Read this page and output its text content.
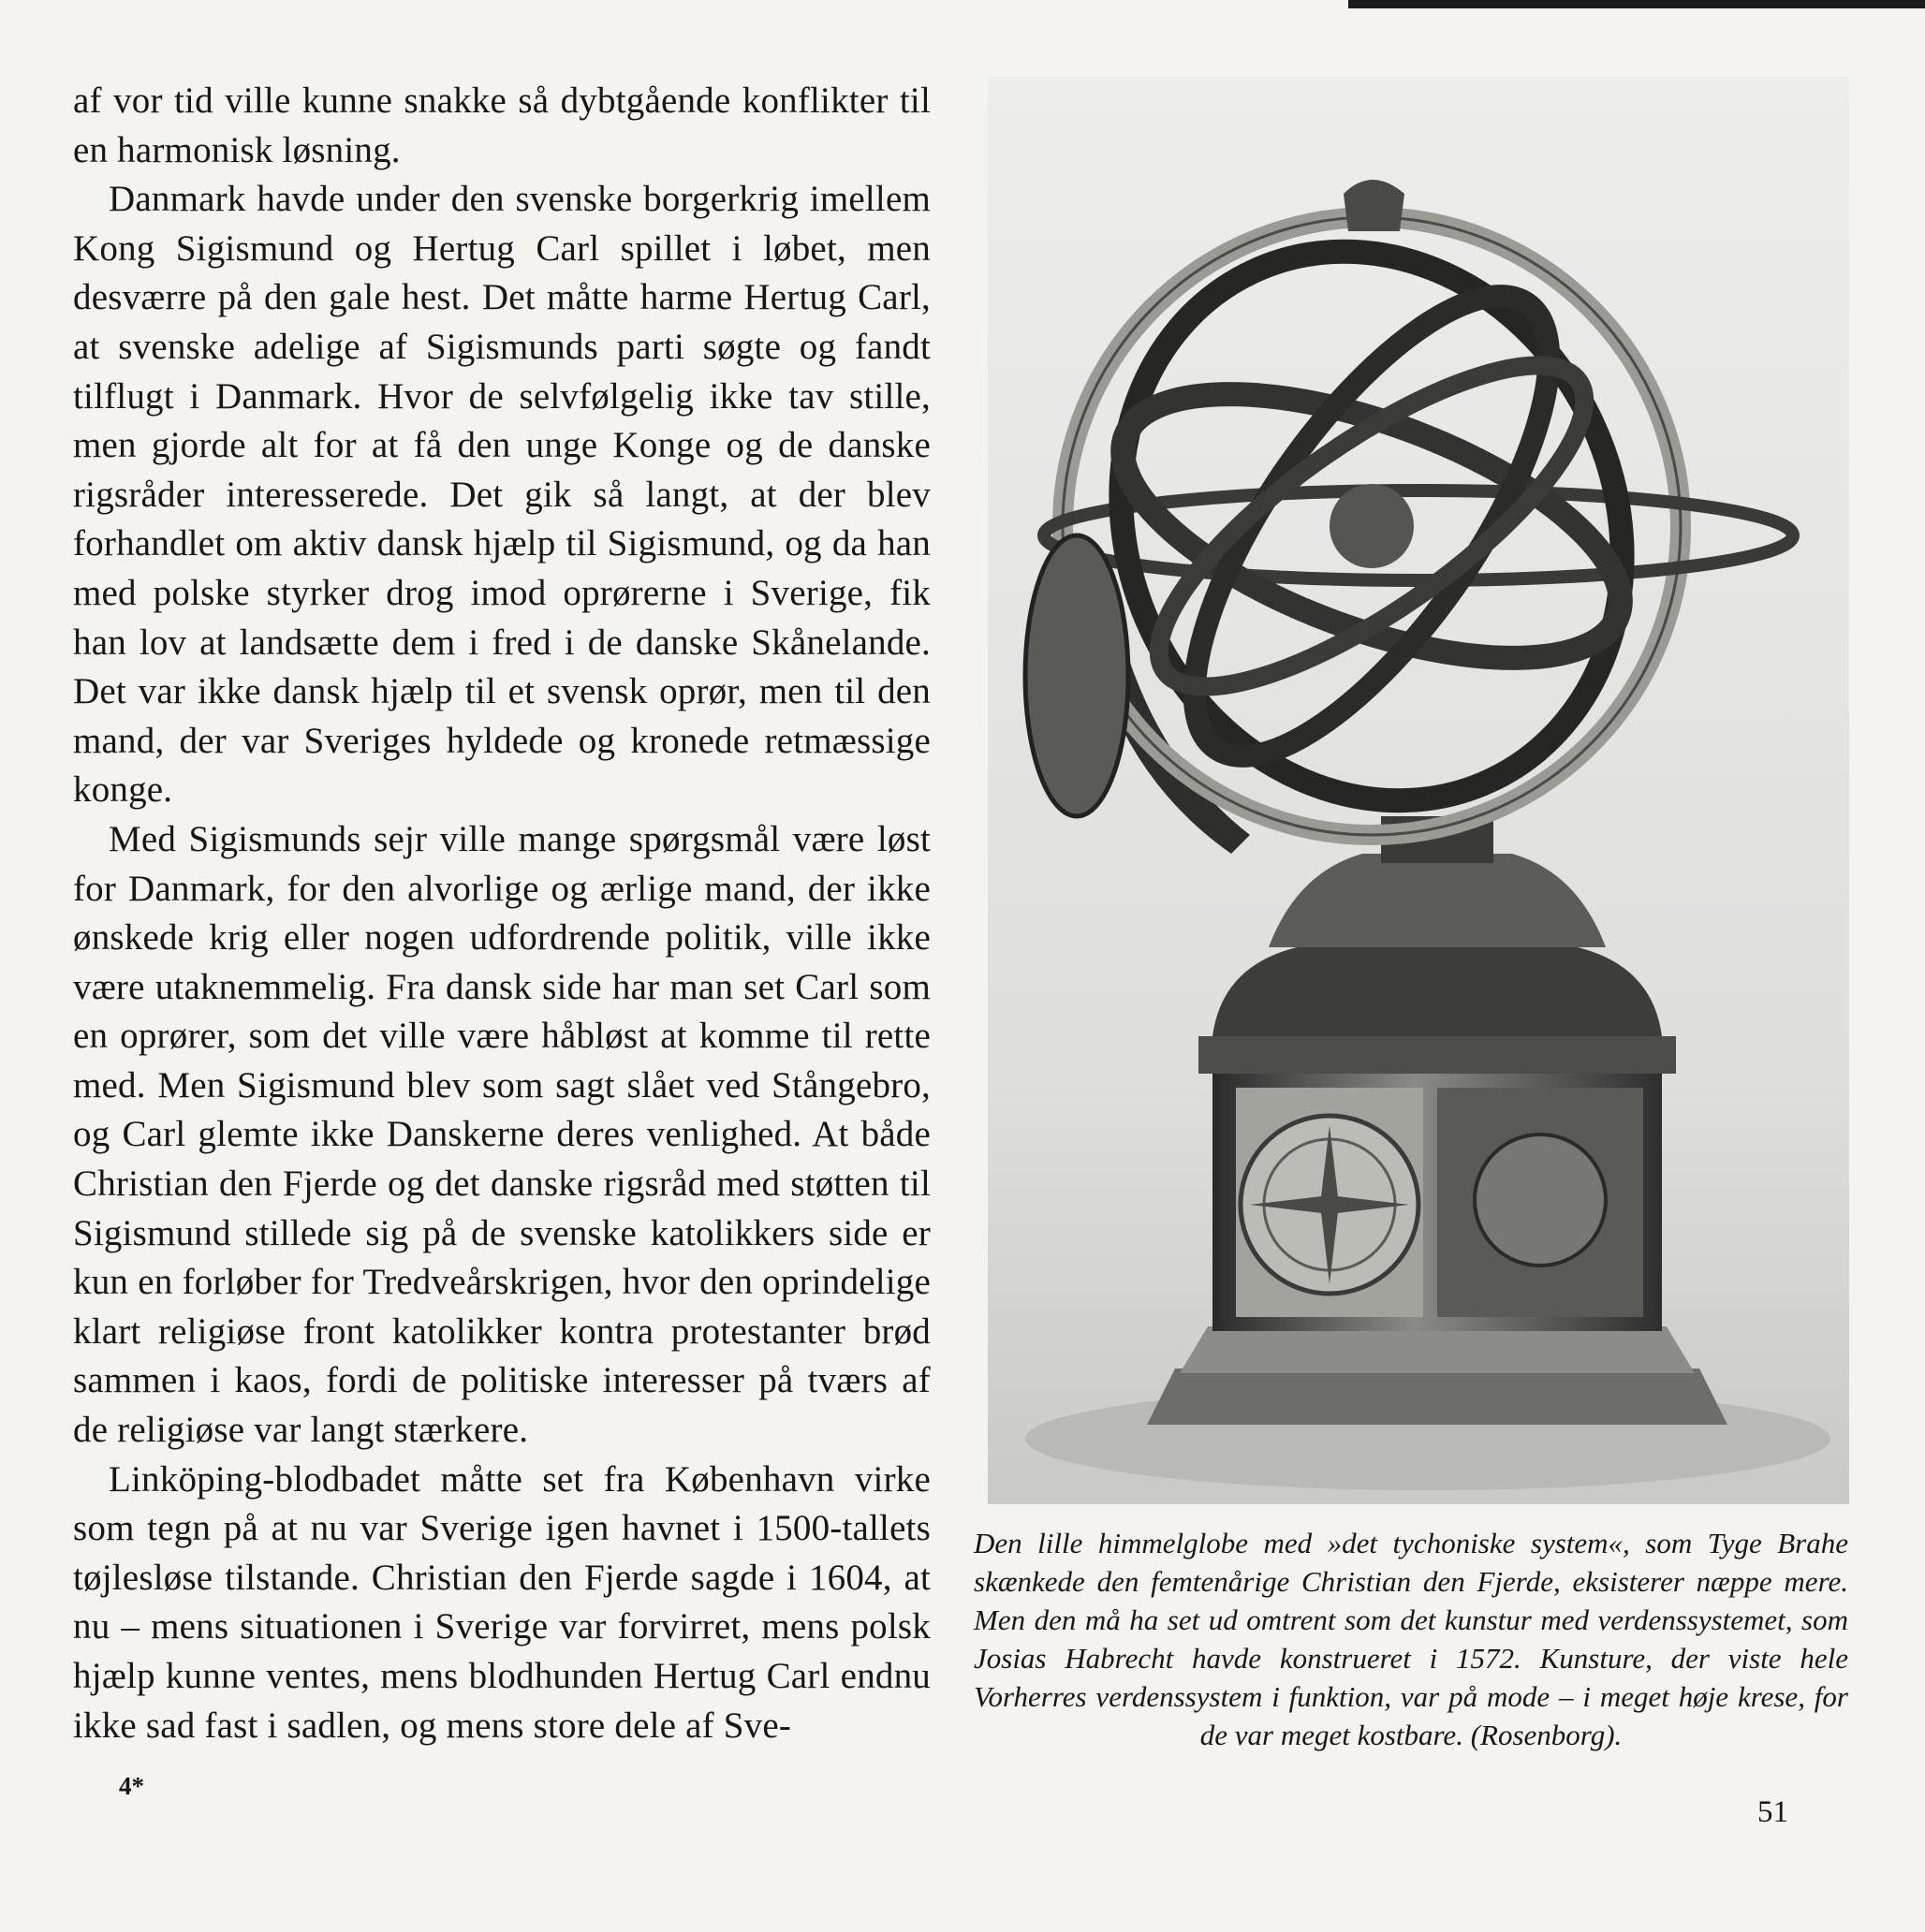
af vor tid ville kunne snakke så dybtgående konflikter til en harmonisk løsning.

Danmark havde under den svenske borgerkrig imellem Kong Sigismund og Hertug Carl spillet i løbet, men desværre på den gale hest. Det måtte harme Hertug Carl, at svenske adelige af Sigismunds parti søgte og fandt tilflugt i Danmark. Hvor de selvfølgelig ikke tav stille, men gjorde alt for at få den unge Konge og de danske rigsråder interesserede. Det gik så langt, at der blev forhandlet om aktiv dansk hjælp til Sigismund, og da han med polske styrker drog imod oprørerne i Sverige, fik han lov at landsætte dem i fred i de danske Skånelande. Det var ikke dansk hjælp til et svensk oprør, men til den mand, der var Sveriges hyldede og kronede retmæssige konge.

Med Sigismunds sejr ville mange spørgsmål være løst for Danmark, for den alvorlige og ærlige mand, der ikke ønskede krig eller nogen udfordrende politik, ville ikke være utaknemmelig. Fra dansk side har man set Carl som en oprører, som det ville være håbløst at komme til rette med. Men Sigismund blev som sagt slået ved Stångebro, og Carl glemte ikke Danskerne deres venlighed. At både Christian den Fjerde og det danske rigsråd med støtten til Sigismund stillede sig på de svenske katolikkers side er kun en forløber for Tredveårskrigen, hvor den oprindelige klart religiøse front katolikker kontra protestanter brød sammen i kaos, fordi de politiske interesser på tværs af de religiøse var langt stærkere.

Linköping-blodbadet måtte set fra København virke som tegn på at nu var Sverige igen havnet i 1500-tallets tøjlesløse tilstande. Christian den Fjerde sagde i 1604, at nu – mens situationen i Sverige var forvirret, mens polsk hjælp kunne ventes, mens blodhunden Hertug Carl endnu ikke sad fast i sadlen, og mens store dele af Sve-

4*

Den lille himmelglobe med »det tychoniske system«, som Tyge Brahe skænkede den femtenårige Christian den Fjerde, eksisterer næppe mere. Men den må ha set ud omtrent som det kunstur med verdenssystemet, som Josias Habrecht havde konstrueret i 1572. Kunsture, der viste hele Vorherres verdenssystem i funktion, var på mode – i meget høje krese, for de var meget kostbare. (Rosenborg).

51
